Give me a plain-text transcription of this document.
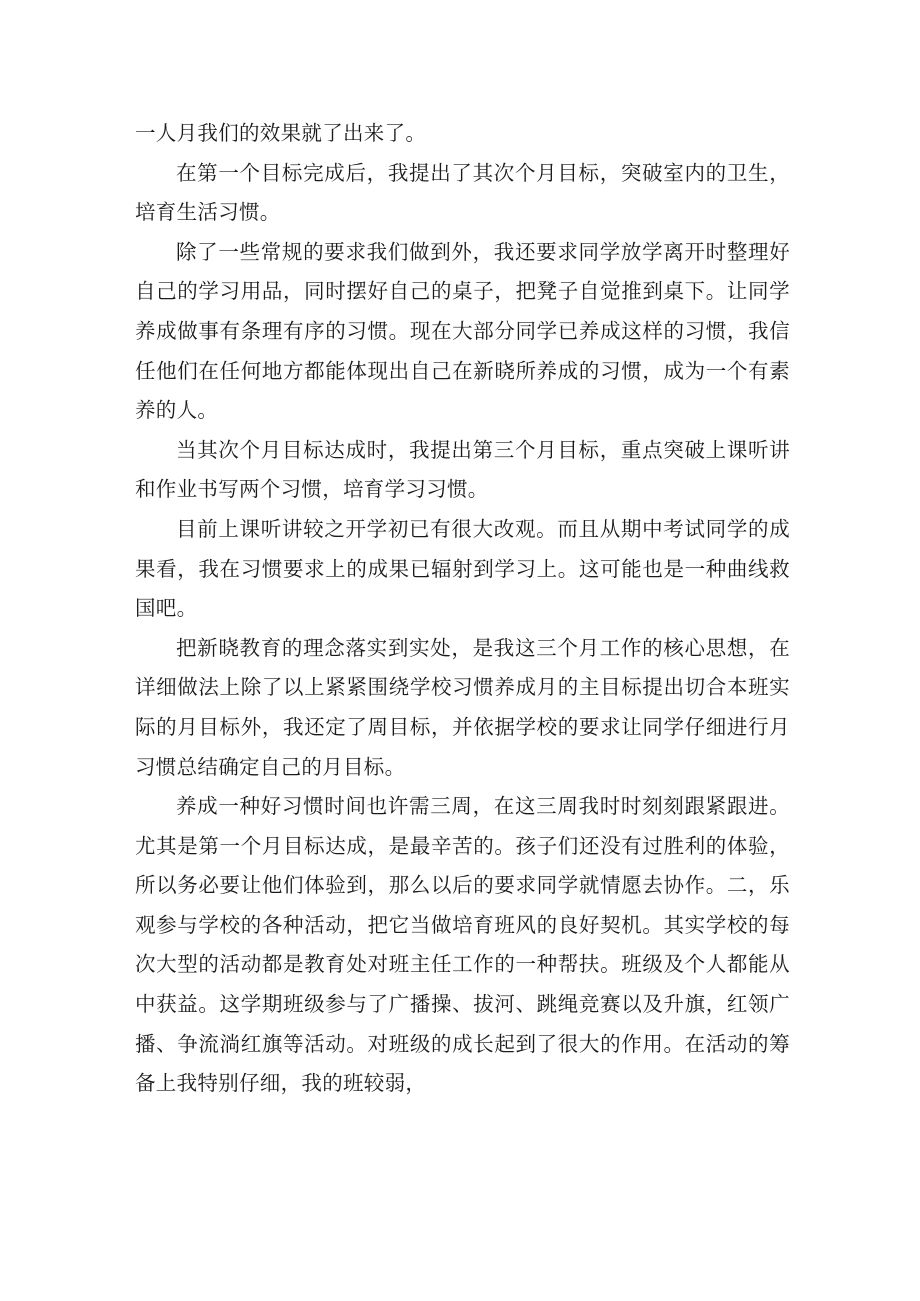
一人月我们的效果就了出来了。

在第一个目标完成后，我提出了其次个月目标，突破室内的卫生，培育生活习惯。

除了一些常规的要求我们做到外，我还要求同学放学离开时整理好自己的学习用品，同时摆好自己的桌子，把凳子自觉推到桌下。让同学养成做事有条理有序的习惯。现在大部分同学已养成这样的习惯，我信任他们在任何地方都能体现出自己在新晓所养成的习惯，成为一个有素养的人。

当其次个月目标达成时，我提出第三个月目标，重点突破上课听讲和作业书写两个习惯，培育学习习惯。

目前上课听讲较之开学初已有很大改观。而且从期中考试同学的成果看，我在习惯要求上的成果已辐射到学习上。这可能也是一种曲线救国吧。

把新晓教育的理念落实到实处，是我这三个月工作的核心思想，在详细做法上除了以上紧紧围绕学校习惯养成月的主目标提出切合本班实际的月目标外，我还定了周目标，并依据学校的要求让同学仔细进行月习惯总结确定自己的月目标。

养成一种好习惯时间也许需三周，在这三周我时时刻刻跟紧跟进。尤其是第一个月目标达成，是最辛苦的。孩子们还没有过胜利的体验，所以务必要让他们体验到，那么以后的要求同学就情愿去协作。二，乐观参与学校的各种活动，把它当做培育班风的良好契机。其实学校的每次大型的活动都是教育处对班主任工作的一种帮扶。班级及个人都能从中获益。这学期班级参与了广播操、拔河、跳绳竞赛以及升旗，红领广播、争流淌红旗等活动。对班级的成长起到了很大的作用。在活动的筹备上我特别仔细，我的班较弱，
